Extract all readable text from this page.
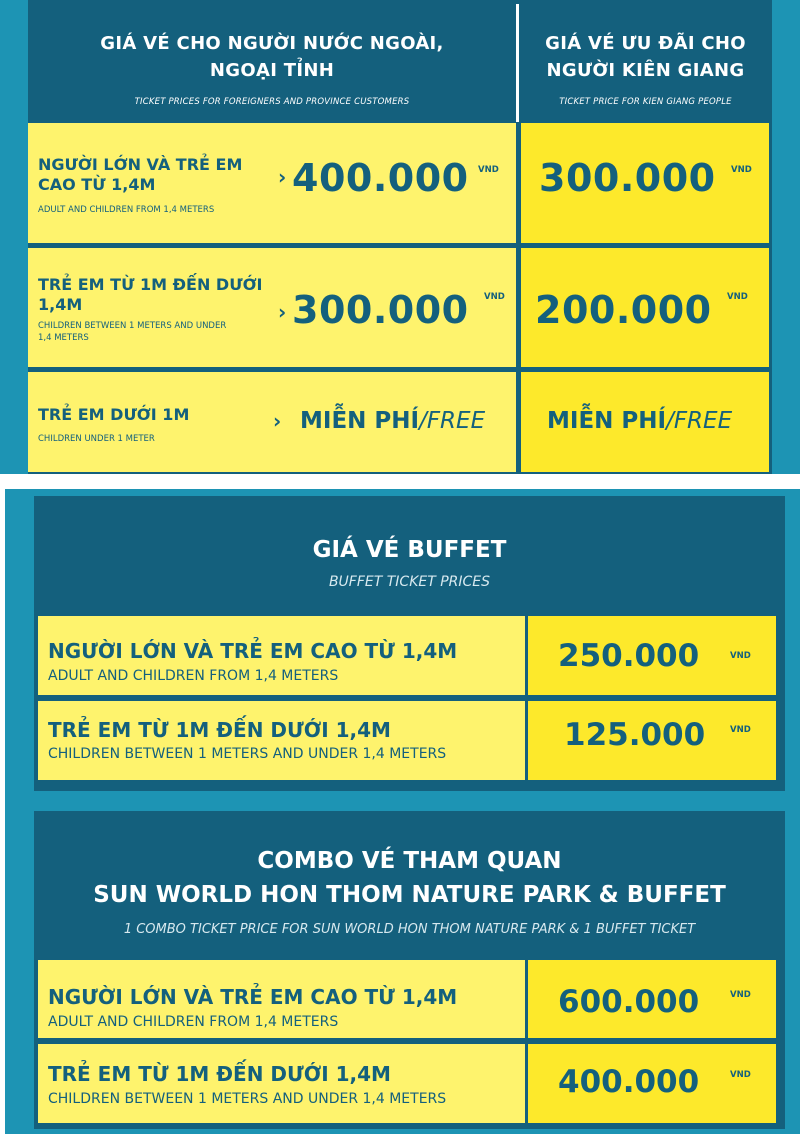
GIÁ VÉ CHO NGƯỜI NƯỚC NGOÀI,
NGOẠI TỈNH
TICKET PRICES FOR FOREIGNERS AND PROVINCE CUSTOMERS
GIÁ VÉ ƯU ĐÃI CHO
NGƯỜI KIÊN GIANG
TICKET PRICE FOR KIEN GIANG PEOPLE
NGƯỜI LỚN VÀ TRẺ EM
CAO TỪ 1,4M
ADULT AND CHILDREN FROM 1,4 METERS
› 400.000 VND 300.000 VND
TRẺ EM TỪ 1M ĐẾN DƯỚI
1,4M
CHILDREN BETWEEN 1 METERS AND UNDER
1,4 METERS
› 300.000 VND 200.000 VND
TRẺ EM DƯỚI 1M
CHILDREN UNDER 1 METER
› MIỄN PHÍ/FREE	MIỄN PHÍ/FREE
GIÁ VÉ BUFFET
BUFFET TICKET PRICES
NGƯỜI LỚN VÀ TRẺ EM CAO TỪ 1,4M
ADULT AND CHILDREN FROM 1,4 METERS
250.000	VND
TRẺ EM TỪ 1M ĐẾN DƯỚI 1,4M
CHILDREN BETWEEN 1 METERS AND UNDER 1,4 METERS
125.000	VND
COMBO VÉ THAM QUAN
SUN WORLD HON THOM NATURE PARK & BUFFET
1 COMBO TICKET PRICE FOR SUN WORLD HON THOM NATURE PARK & 1 BUFFET TICKET
NGƯỜI LỚN VÀ TRẺ EM CAO TỪ 1,4M
ADULT AND CHILDREN FROM 1,4 METERS
600.000	VND
TRẺ EM TỪ 1M ĐẾN DƯỚI 1,4M
CHILDREN BETWEEN 1 METERS AND UNDER 1,4 METERS	400.000	VND
